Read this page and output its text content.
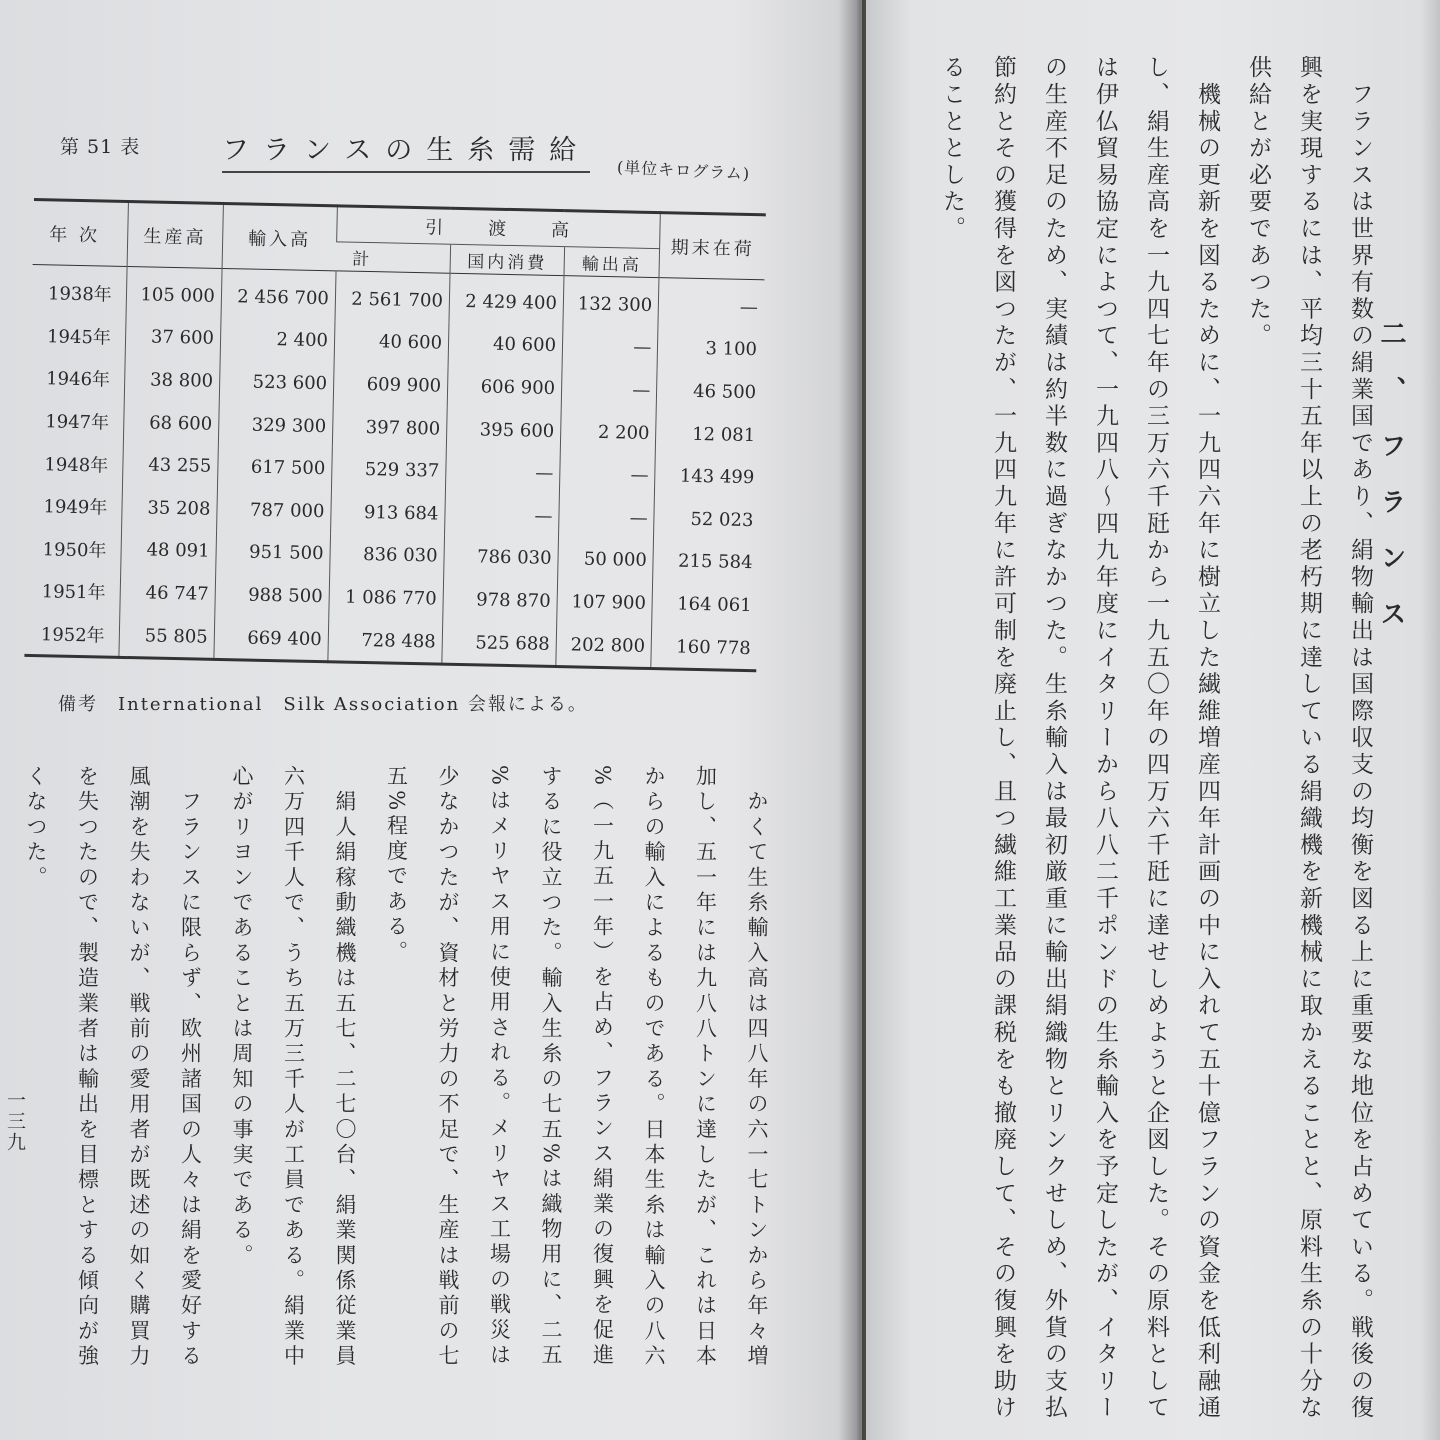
第 51 表	フランスの生糸需給
(単位キログラム)
年 次	生産高	輸入高	引　　渡　　高			期末在荷
			計	国内消費	輸出高	
1938年	105 000	2 456 700	2 561 700	2 429 400	132 300	—
1945年	37 600	2 400	40 600	40 600	—	3 100
1946年	38 800	523 600	609 900	606 900	—	46 500
1947年	68 600	329 300	397 800	395 600	2 200	12 081
1948年	43 255	617 500	529 337	—	—	143 499
1949年	35 208	787 000	913 684	—	—	52 023
1950年	48 091	951 500	836 030	786 030	50 000	215 584
1951年	46 747	988 500	1 086 770	978 870	107 900	164 061
1952年	55 805	669 400	728 488	525 688	202 800	160 778
備考　International　Silk Association 会報による。
　かくて生糸輸入高は四八年の六一七トンから年々増
加し、五一年には九八八トンに達したが、これは日本
からの輸入によるものである。日本生糸は輸入の八六
%（一九五一年）を占め、フランス絹業の復興を促進
するに役立つた。輸入生糸の七五%は織物用に、二五
%はメリヤス用に使用される。メリヤス工場の戦災は
少なかつたが、資材と労力の不足で、生産は戦前の七
五%程度である。
　絹人絹稼動織機は五七、二七〇台、絹業関係従業員
六万四千人で、うち五万三千人が工員である。絹業中
心がリヨンであることは周知の事実である。
　フランスに限らず、欧州諸国の人々は絹を愛好する
風潮を失わないが、戦前の愛用者が既述の如く購買力
を失つたので、製造業者は輸出を目標とする傾向が強
くなつた。
一三九
二、フランス
　フランスは世界有数の絹業国であり、絹物輸出は国際収支の均衡を図る上に重要な地位を占めている。戦後の復
興を実現するには、平均三十五年以上の老朽期に達している絹織機を新機械に取かえることと、原料生糸の十分な
供給とが必要であつた。
　機械の更新を図るために、一九四六年に樹立した繊維増産四年計画の中に入れて五十億フランの資金を低利融通
し、絹生産高を一九四七年の三万六千瓩から一九五〇年の四万六千瓩に達せしめようと企図した。その原料として
は伊仏貿易協定によつて、一九四八〜四九年度にイタリーから八八二千ポンドの生糸輸入を予定したが、イタリー
の生産不足のため、実績は約半数に過ぎなかつた。生糸輸入は最初厳重に輸出絹織物とリンクせしめ、外貨の支払
節約とその獲得を図つたが、一九四九年に許可制を廃止し、且つ繊維工業品の課税をも撤廃して、その復興を助け
ることとした。
